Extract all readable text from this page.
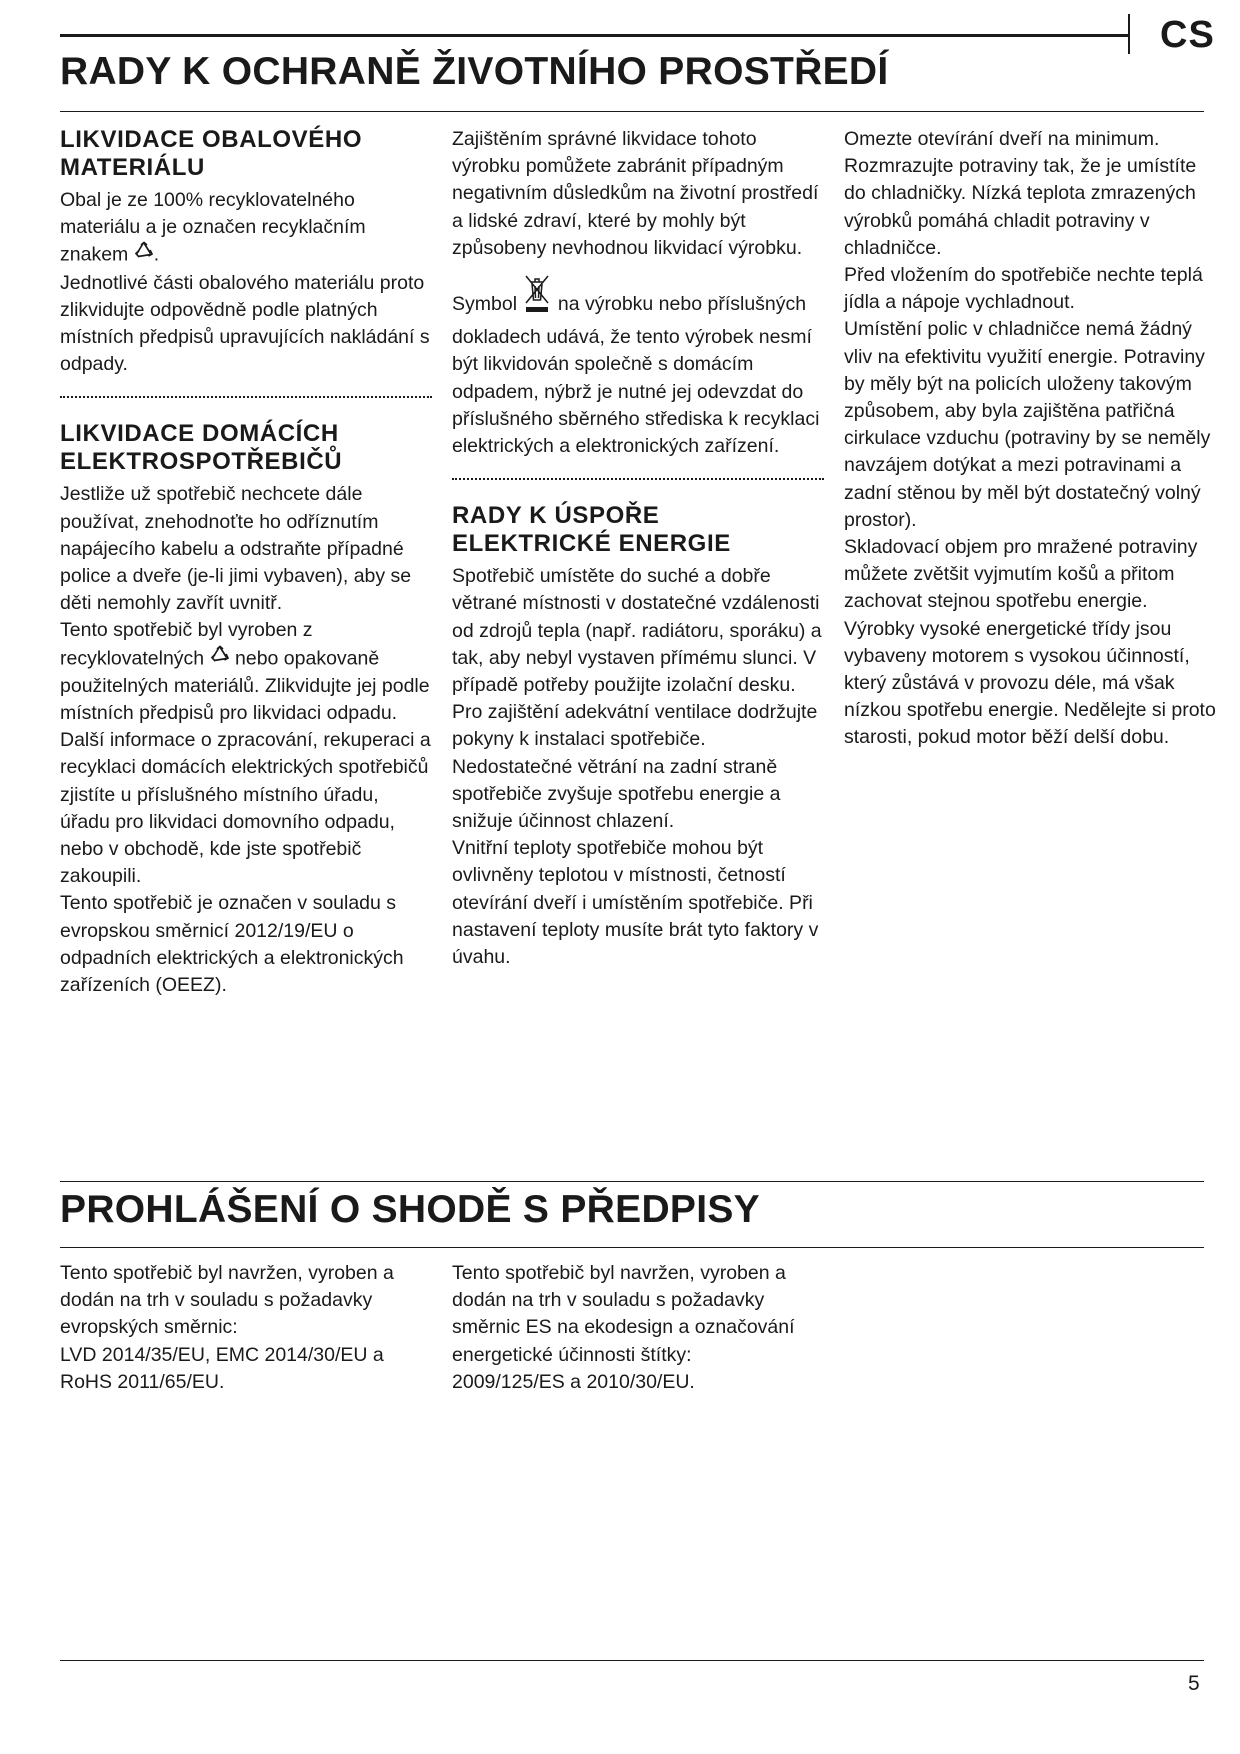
CS
RADY K OCHRANĚ ŽIVOTNÍHO PROSTŘEDÍ
LIKVIDACE OBALOVÉHO MATERIÁLU

Obal je ze 100% recyklovatelného materiálu a je označen recyklačním znakem .

Jednotlivé části obalového materiálu proto zlikvidujte odpovědně podle platných místních předpisů upravujících nakládání s odpady.

LIKVIDACE DOMÁCÍCH ELEKTROSPOTŘEBIČŮ

Jestliže už spotřebič nechcete dále používat, znehodnoťte ho odříznutím napájecího kabelu a odstraňte případné police a dveře (je-li jimi vybaven), aby se děti nemohly zavřít uvnitř.

Tento spotřebič byl vyroben z recyklovatelných nebo opakovaně použitelných materiálů. Zlikvidujte jej podle místních předpisů pro likvidaci odpadu.

Další informace o zpracování, rekuperaci a recyklaci domácích elektrických spotřebičů zjistíte u příslušného místního úřadu, úřadu pro likvidaci domovního odpadu, nebo v obchodě, kde jste spotřebič zakoupili.

Tento spotřebič je označen v souladu s evropskou směrnicí 2012/19/EU o odpadních elektrických a elektronických zařízeních (OEEZ).

Zajištěním správné likvidace tohoto výrobku pomůžete zabránit případným negativním důsledkům na životní prostředí a lidské zdraví, které by mohly být způsobeny nevhodnou likvidací výrobku.

Symbol na výrobku nebo příslušných dokladech udává, že tento výrobek nesmí být likvidován společně s domácím odpadem, nýbrž je nutné jej odevzdat do příslušného sběrného střediska k recyklaci elektrických a elektronických zařízení.

RADY K ÚSPOŘE ELEKTRICKÉ ENERGIE

Spotřebič umístěte do suché a dobře větrané místnosti v dostatečné vzdálenosti od zdrojů tepla (např. radiátoru, sporáku) a tak, aby nebyl vystaven přímému slunci. V případě potřeby použijte izolační desku.

Pro zajištění adekvátní ventilace dodržujte pokyny k instalaci spotřebiče.

Nedostatečné větrání na zadní straně spotřebiče zvyšuje spotřebu energie a snižuje účinnost chlazení.

Vnitřní teploty spotřebiče mohou být ovlivněny teplotou v místnosti, četností otevírání dveří i umístěním spotřebiče. Při nastavení teploty musíte brát tyto faktory v úvahu.

Omezte otevírání dveří na minimum.

Rozmrazujte potraviny tak, že je umístíte do chladničky. Nízká teplota zmrazených výrobků pomáhá chladit potraviny v chladničce.

Před vložením do spotřebiče nechte teplá jídla a nápoje vychladnout.

Umístění polic v chladničce nemá žádný vliv na efektivitu využití energie. Potraviny by měly být na policích uloženy takovým způsobem, aby byla zajištěna patřičná cirkulace vzduchu (potraviny by se neměly navzájem dotýkat a mezi potravinami a zadní stěnou by měl být dostatečný volný prostor).

Skladovací objem pro mražené potraviny můžete zvětšit vyjmutím košů a přitom zachovat stejnou spotřebu energie.

Výrobky vysoké energetické třídy jsou vybaveny motorem s vysokou účinností, který zůstává v provozu déle, má však nízkou spotřebu energie. Nedělejte si proto starosti, pokud motor běží delší dobu.

PROHLÁŠENÍ O SHODĚ S PŘEDPISY

Tento spotřebič byl navržen, vyroben a dodán na trh v souladu s požadavky evropských směrnic:

LVD 2014/35/EU, EMC 2014/30/EU a RoHS 2011/65/EU.

Tento spotřebič byl navržen, vyroben a dodán na trh v souladu s požadavky směrnic ES na ekodesign a označování energetické účinnosti štítky:

2009/125/ES a 2010/30/EU.

5
